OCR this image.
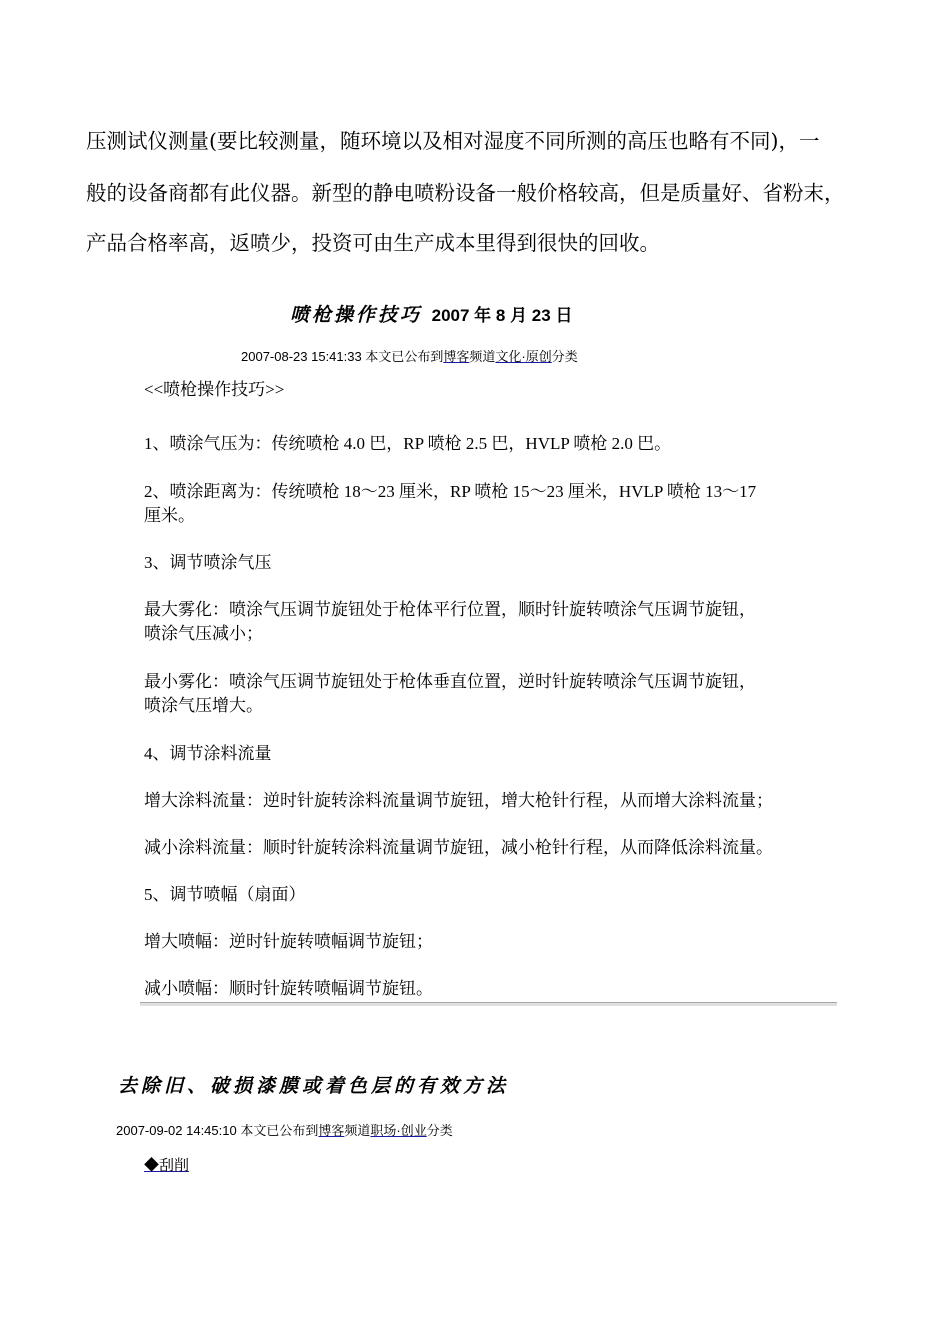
压测试仪测量(要比较测量，随环境以及相对湿度不同所测的高压也略有不同)，一
般的设备商都有此仪器。新型的静电喷粉设备一般价格较高，但是质量好、省粉末，
产品合格率高，返喷少，投资可由生产成本里得到很快的回收。
喷枪操作技巧 2007 年 8 月 23 日
2007-08-23 15:41:33 本文已公布到博客频道文化·原创分类
<<喷枪操作技巧>>
1、喷涂气压为：传统喷枪 4.0 巴，RP 喷枪 2.5 巴，HVLP 喷枪 2.0 巴。
2、喷涂距离为：传统喷枪 18～23 厘米，RP 喷枪 15～23 厘米，HVLP 喷枪 13～17
厘米。
3、调节喷涂气压
最大雾化：喷涂气压调节旋钮处于枪体平行位置，顺时针旋转喷涂气压调节旋钮，
喷涂气压减小；
最小雾化：喷涂气压调节旋钮处于枪体垂直位置，逆时针旋转喷涂气压调节旋钮，
喷涂气压增大。
4、调节涂料流量
增大涂料流量：逆时针旋转涂料流量调节旋钮，增大枪针行程，从而增大涂料流量；
减小涂料流量：顺时针旋转涂料流量调节旋钮，减小枪针行程，从而降低涂料流量。
5、调节喷幅（扇面）
增大喷幅：逆时针旋转喷幅调节旋钮；
减小喷幅：顺时针旋转喷幅调节旋钮。
去除旧、破损漆膜或着色层的有效方法
2007-09-02 14:45:10 本文已公布到博客频道职场·创业分类
◆刮削
